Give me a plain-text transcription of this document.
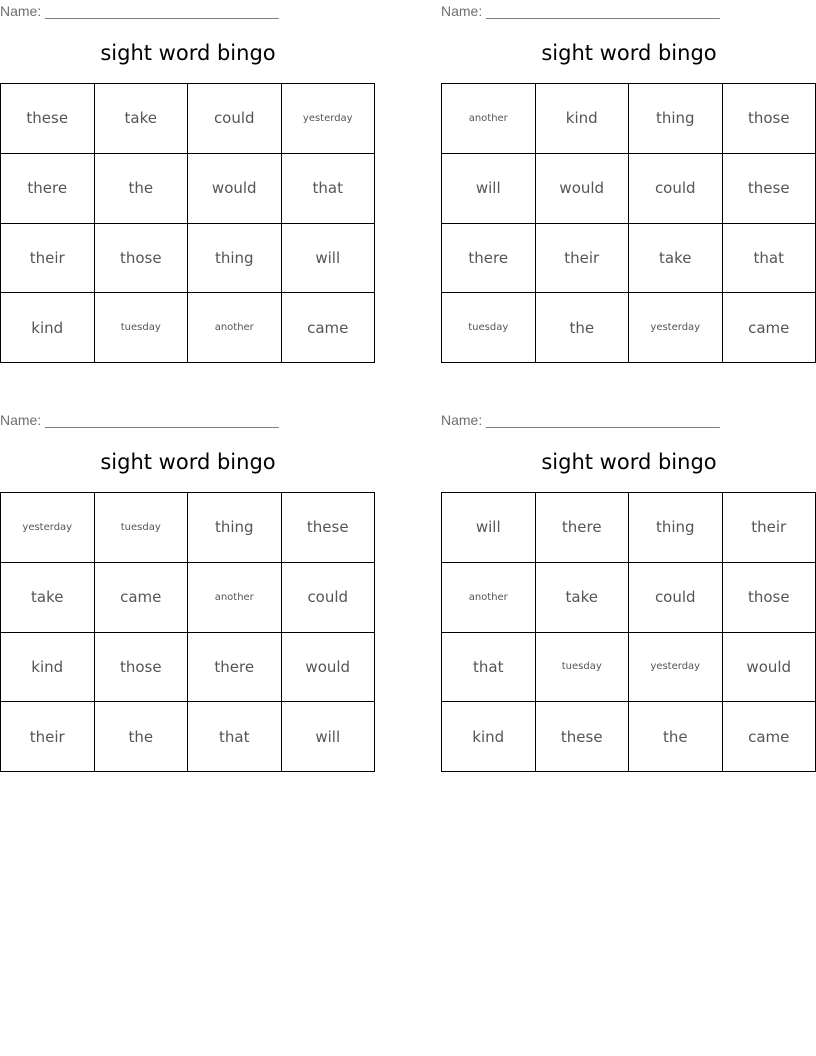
Name: ______________________________
sight word bingo
these	take	could	yesterday
there	the	would	that
their	those	thing	will
kind	tuesday	another	came
Name: ______________________________
sight word bingo
another	kind	thing	those
will	would	could	these
there	their	take	that
tuesday	the	yesterday	came
Name: ______________________________
sight word bingo
yesterday	tuesday	thing	these
take	came	another	could
kind	those	there	would
their	the	that	will
Name: ______________________________
sight word bingo
will	there	thing	their
another	take	could	those
that	tuesday	yesterday	would
kind	these	the	came
